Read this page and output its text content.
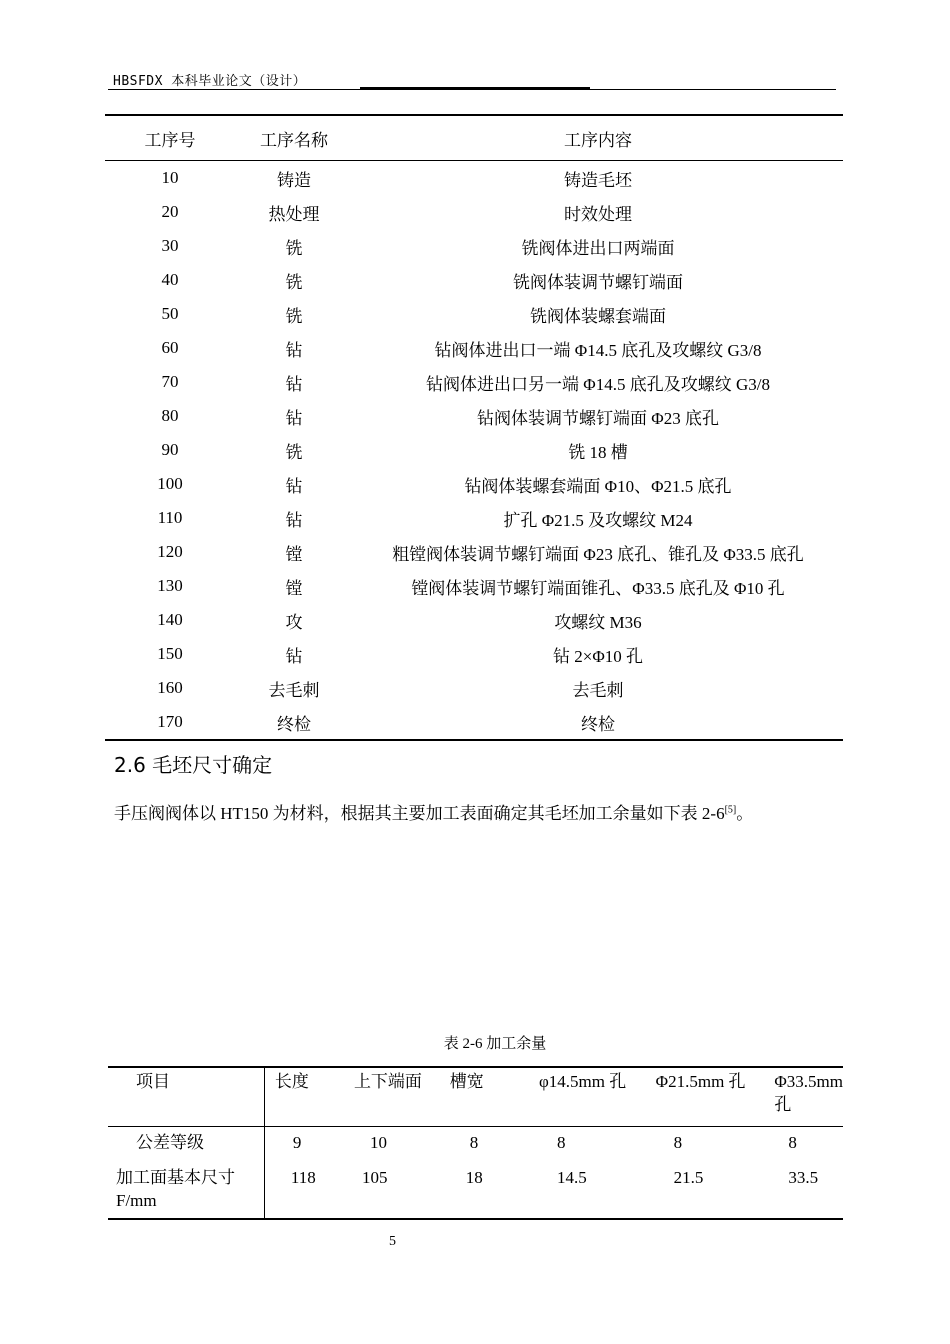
HBSFDX 本科毕业论文（设计）
工序号	工序名称	工序内容
10	铸造	铸造毛坯
20	热处理	时效处理
30	铣	铣阀体进出口两端面
40	铣	铣阀体装调节螺钉端面
50	铣	铣阀体装螺套端面
60	钻	钻阀体进出口一端 Φ14.5 底孔及攻螺纹 G3/8
70	钻	钻阀体进出口另一端 Φ14.5 底孔及攻螺纹 G3/8
80	钻	钻阀体装调节螺钉端面 Φ23 底孔
90	铣	铣 18 槽
100	钻	钻阀体装螺套端面 Φ10、Φ21.5 底孔
110	钻	扩孔 Φ21.5 及攻螺纹 M24
120	镗	粗镗阀体装调节螺钉端面 Φ23 底孔、锥孔及 Φ33.5 底孔
130	镗	镗阀体装调节螺钉端面锥孔、Φ33.5 底孔及 Φ10 孔
140	攻	攻螺纹 M36
150	钻	钻 2×Φ10 孔
160	去毛刺	去毛刺
170	终检	终检
2.6 毛坯尺寸确定
手压阀阀体以 HT150 为材料，根据其主要加工表面确定其毛坯加工余量如下表 2-6[5]。
表 2-6 加工余量
项目	长度	上下端面	槽宽	φ14.5mm 孔	Φ21.5mm 孔	Φ33.5mm 孔
公差等级	9	10	8	8	8	8
加工面基本尺寸 F/mm	118	105	18	14.5	21.5	33.5
5
